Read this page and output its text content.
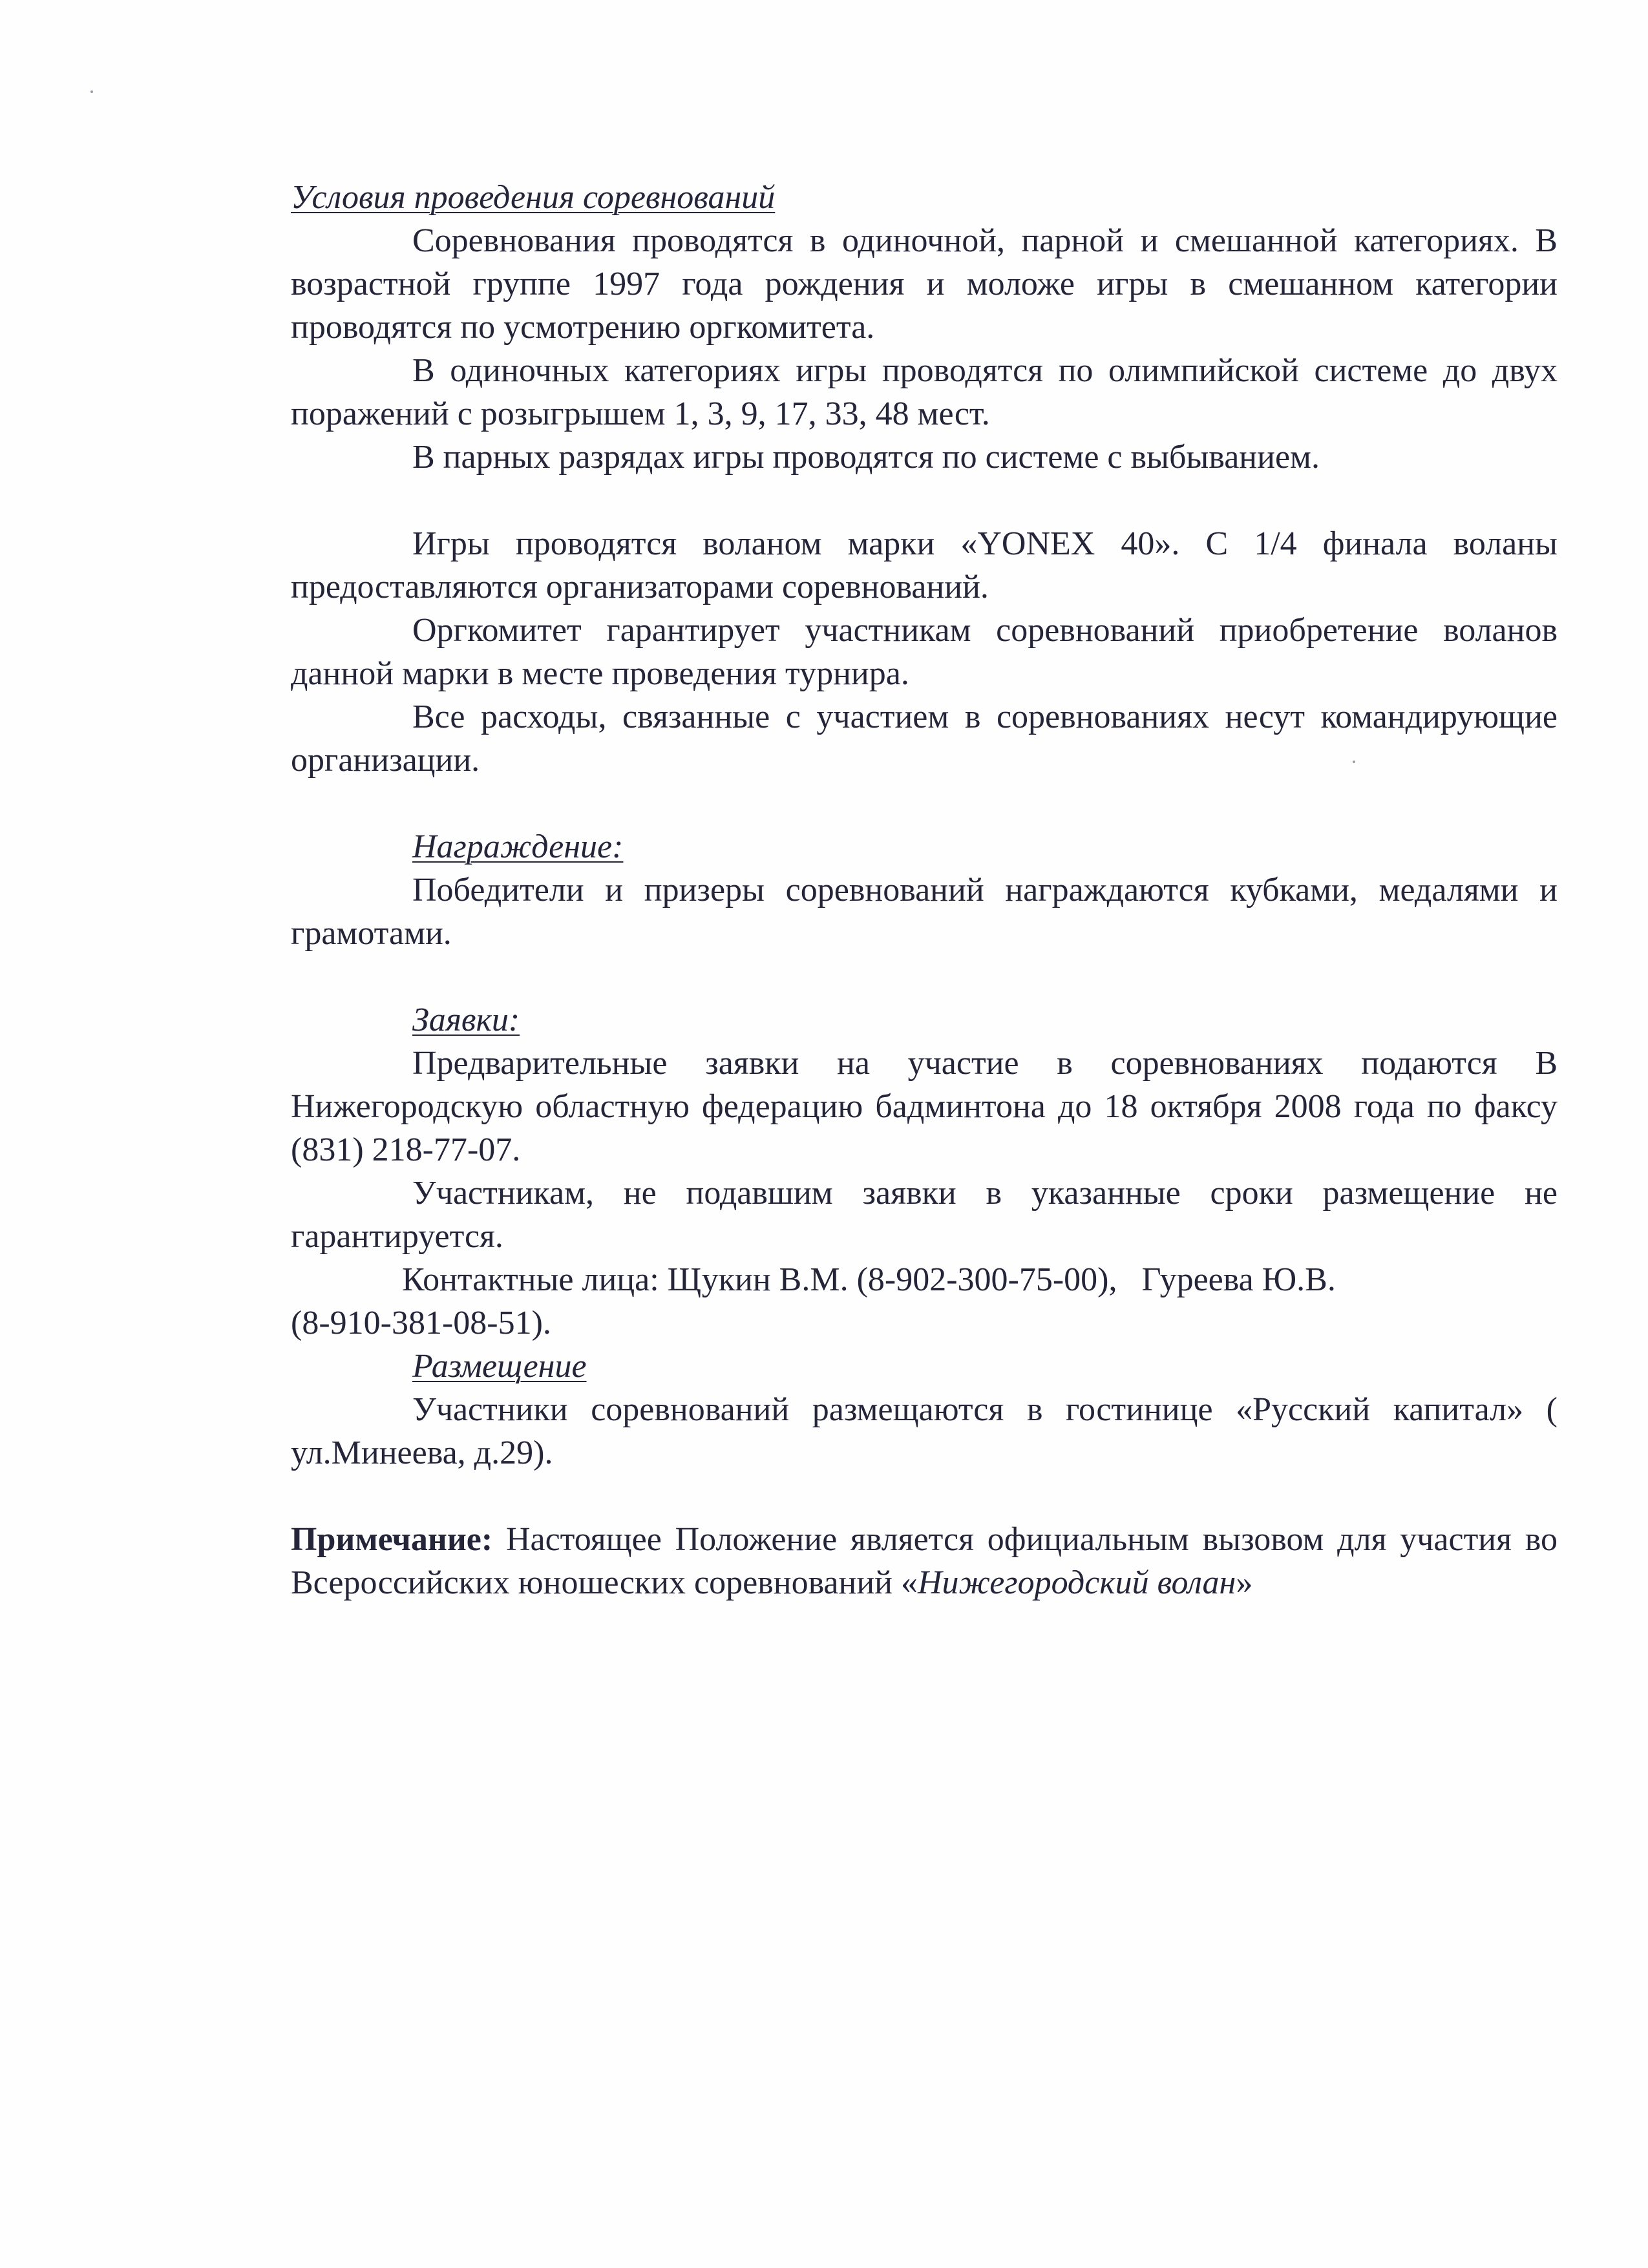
Условия проведения соревнований

Соревнования проводятся в одиночной, парной и смешанной категориях. В возрастной группе 1997 года рождения и моложе игры в смешанном категории проводятся по усмотрению оргкомитета.

В одиночных категориях игры проводятся по олимпийской системе до двух поражений с розыгрышем 1, 3, 9, 17, 33, 48 мест.

В парных разрядах игры проводятся по системе с выбыванием.

Игры проводятся воланом марки «YONEX 40». С 1/4 финала воланы предоставляются организаторами соревнований.

Оргкомитет гарантирует участникам соревнований приобретение воланов данной марки в месте проведения турнира.

Все расходы, связанные с участием в соревнованиях несут командирующие организации.

Награждение:

Победители и призеры соревнований награждаются кубками, медалями и грамотами.

Заявки:

Предварительные заявки на участие в соревнованиях подаются В Нижегородскую областную федерацию бадминтона до 18 октября 2008 года по факсу (831) 218-77-07.

Участникам, не подавшим заявки в указанные сроки размещение не гарантируется.

Контактные лица: Щукин В.М. (8-902-300-75-00), Гуреева Ю.В.

(8-910-381-08-51).

Размещение

Участники соревнований размещаются в гостинице «Русский капитал» ( ул.Минеева, д.29).

Примечание: Настоящее Положение является официальным вызовом для участия во Всероссийских юношеских соревнований «Нижегородский волан»
